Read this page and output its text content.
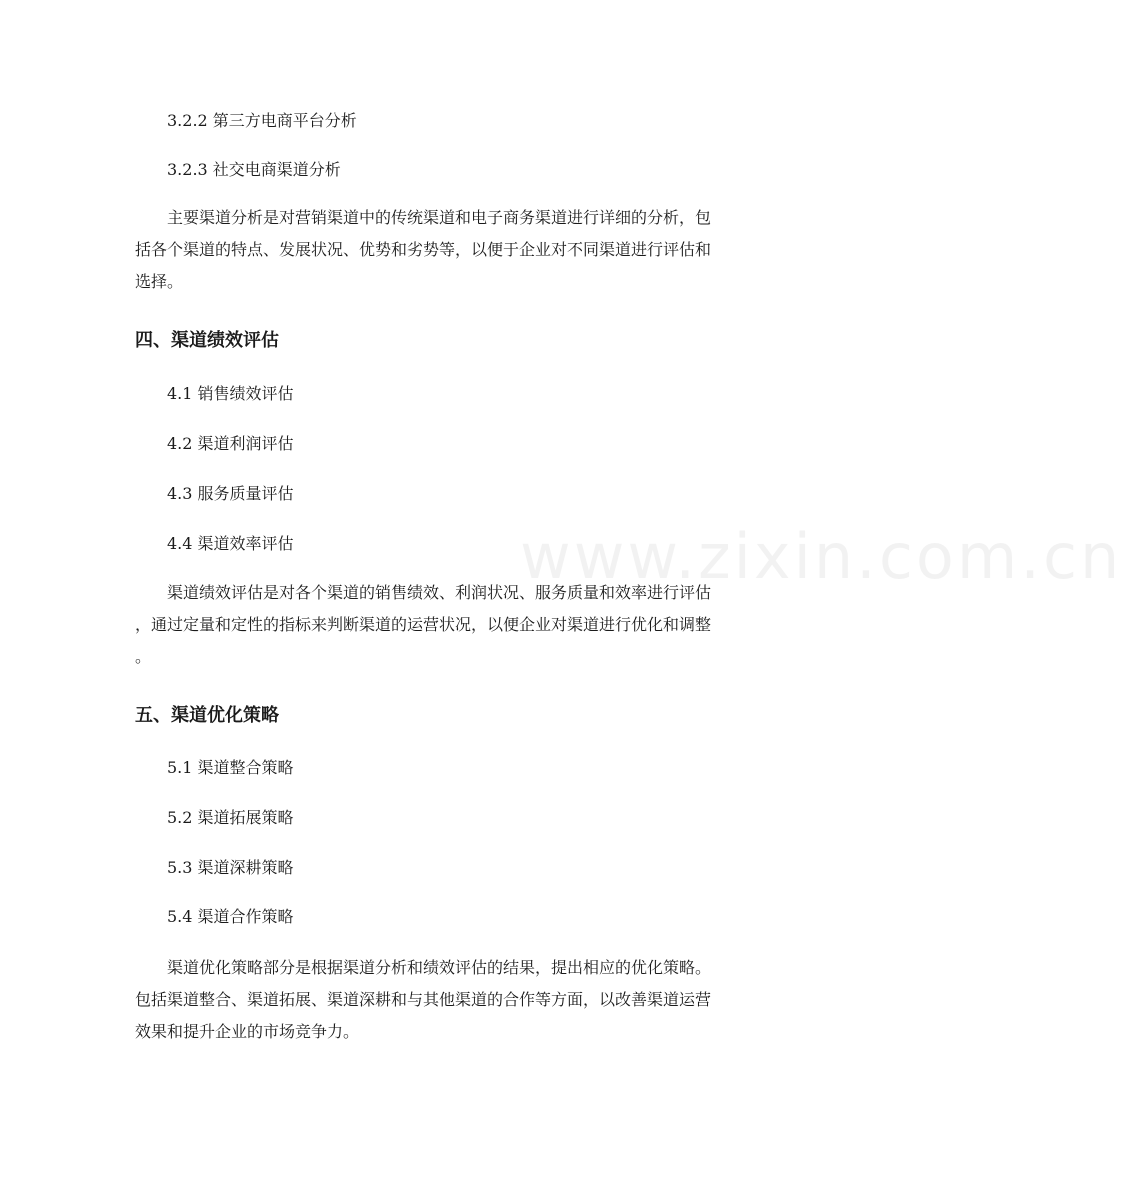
www.zixin.com.cn
3.2.2 第三方电商平台分析
3.2.3 社交电商渠道分析
主要渠道分析是对营销渠道中的传统渠道和电子商务渠道进行详细的分析，包
括各个渠道的特点、发展状况、优势和劣势等，以便于企业对不同渠道进行评估和
选择。
四、渠道绩效评估
4.1 销售绩效评估
4.2 渠道利润评估
4.3 服务质量评估
4.4 渠道效率评估
渠道绩效评估是对各个渠道的销售绩效、利润状况、服务质量和效率进行评估
，通过定量和定性的指标来判断渠道的运营状况，以便企业对渠道进行优化和调整
。
五、渠道优化策略
5.1 渠道整合策略
5.2 渠道拓展策略
5.3 渠道深耕策略
5.4 渠道合作策略
渠道优化策略部分是根据渠道分析和绩效评估的结果，提出相应的优化策略。
包括渠道整合、渠道拓展、渠道深耕和与其他渠道的合作等方面，以改善渠道运营
效果和提升企业的市场竞争力。
